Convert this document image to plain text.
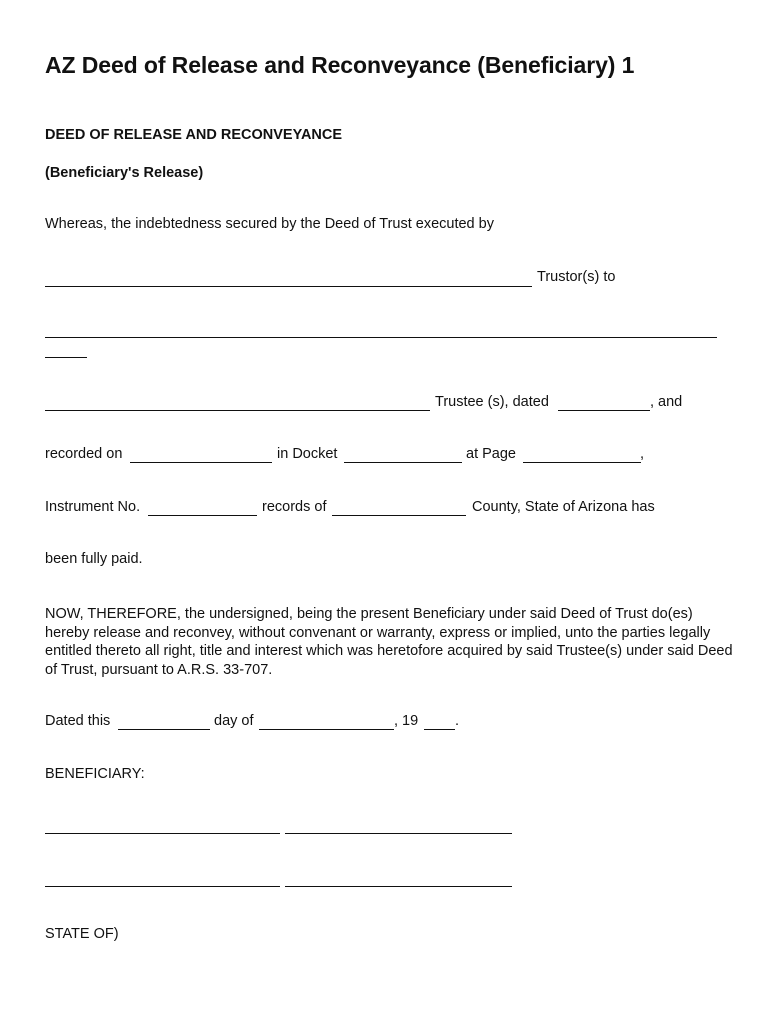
AZ Deed of Release and Reconveyance (Beneficiary) 1
DEED OF RELEASE AND RECONVEYANCE
(Beneficiary's Release)
Whereas, the indebtedness secured by the Deed of Trust executed by
Trustor(s) to
Trustee (s), dated	, and
recorded on	in Docket	at Page	,
Instrument No.	records of	County, State of Arizona has
been fully paid.
NOW, THEREFORE, the undersigned, being the present Beneficiary under said Deed of Trust do(es) hereby release and reconvey, without convenant or warranty, express or implied, unto the parties legally entitled thereto all right, title and interest which was heretofore acquired by said Trustee(s) under said Deed of Trust, pursuant to A.R.S. 33-707.
Dated this	day of	, 19	.
BENEFICIARY:
STATE OF)
